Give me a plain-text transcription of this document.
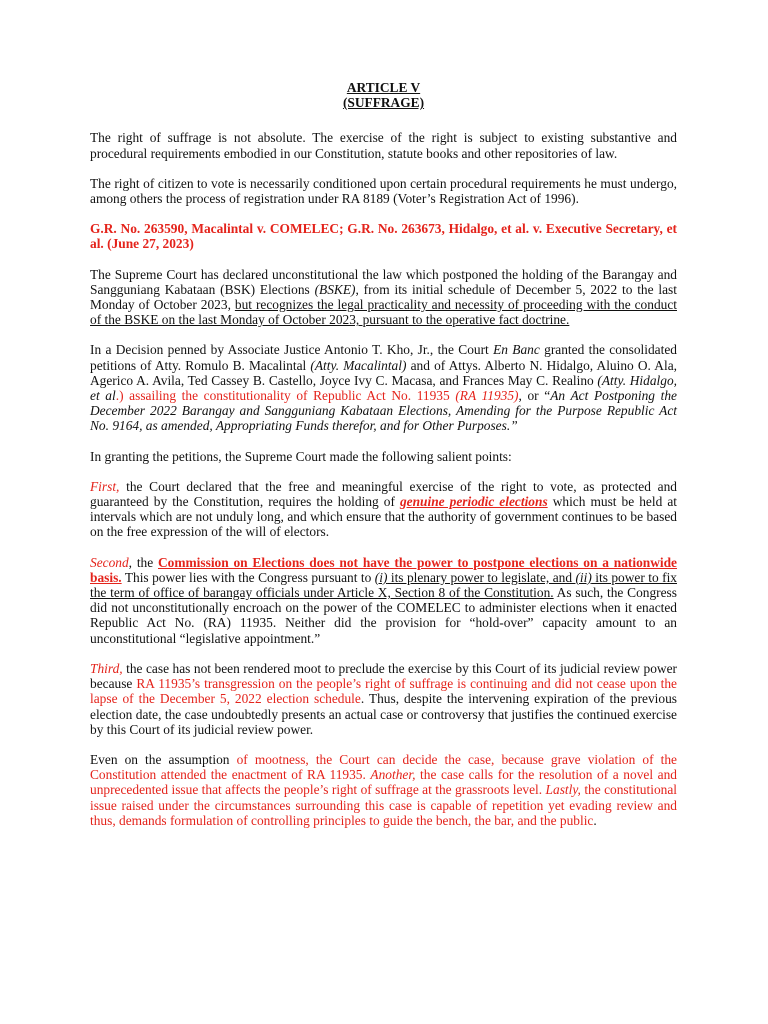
ARTICLE V

(SUFFRAGE)

The right of suffrage is not absolute. The exercise of the right is subject to existing substantive and procedural requirements embodied in our Constitution, statute books and other repositories of law.

The right of citizen to vote is necessarily conditioned upon certain procedural requirements he must undergo, among others the process of registration under RA 8189 (Voter’s Registration Act of 1996).

G.R. No. 263590, Macalintal v. COMELEC; G.R. No. 263673, Hidalgo, et al. v. Executive Secretary, et al. (June 27, 2023)

The Supreme Court has declared unconstitutional the law which postponed the holding of the Barangay and Sangguniang Kabataan (BSK) Elections (BSKE), from its initial schedule of December 5, 2022 to the last Monday of October 2023, but recognizes the legal practicality and necessity of proceeding with the conduct of the BSKE on the last Monday of October 2023, pursuant to the operative fact doctrine.

In a Decision penned by Associate Justice Antonio T. Kho, Jr., the Court En Banc granted the consolidated petitions of Atty. Romulo B. Macalintal (Atty. Macalintal) and of Attys. Alberto N. Hidalgo, Aluino O. Ala, Agerico A. Avila, Ted Cassey B. Castello, Joyce Ivy C. Macasa, and Frances May C. Realino (Atty. Hidalgo, et al.) assailing the constitutionality of Republic Act No. 11935 (RA 11935), or “An Act Postponing the December 2022 Barangay and Sangguniang Kabataan Elections, Amending for the Purpose Republic Act No. 9164, as amended, Appropriating Funds therefor, and for Other Purposes.”

In granting the petitions, the Supreme Court made the following salient points:

First, the Court declared that the free and meaningful exercise of the right to vote, as protected and guaranteed by the Constitution, requires the holding of genuine periodic elections which must be held at intervals which are not unduly long, and which ensure that the authority of government continues to be based on the free expression of the will of electors.

Second, the Commission on Elections does not have the power to postpone elections on a nationwide basis. This power lies with the Congress pursuant to (i) its plenary power to legislate, and (ii) its power to fix the term of office of barangay officials under Article X, Section 8 of the Constitution. As such, the Congress did not unconstitutionally encroach on the power of the COMELEC to administer elections when it enacted Republic Act No. (RA) 11935. Neither did the provision for “hold-over” capacity amount to an unconstitutional “legislative appointment.”

Third, the case has not been rendered moot to preclude the exercise by this Court of its judicial review power because RA 11935’s transgression on the people’s right of suffrage is continuing and did not cease upon the lapse of the December 5, 2022 election schedule. Thus, despite the intervening expiration of the previous election date, the case undoubtedly presents an actual case or controversy that justifies the continued exercise by this Court of its judicial review power.

Even on the assumption of mootness, the Court can decide the case, because grave violation of the Constitution attended the enactment of RA 11935. Another, the case calls for the resolution of a novel and unprecedented issue that affects the people’s right of suffrage at the grassroots level. Lastly, the constitutional issue raised under the circumstances surrounding this case is capable of repetition yet evading review and thus, demands formulation of controlling principles to guide the bench, the bar, and the public.
